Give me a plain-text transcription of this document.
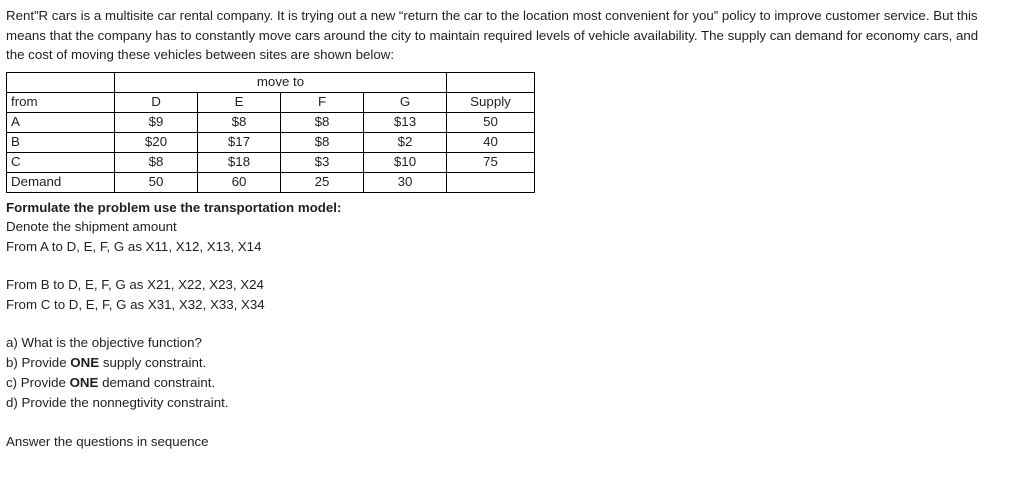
Rent”R cars is a multisite car rental company. It is trying out a new “return the car to the location most convenient for you” policy to improve customer service. But this means that the company has to constantly move cars around the city to maintain required levels of vehicle availability. The supply can demand for economy cars, and the cost of moving these vehicles between sites are shown below:

	move to				
from	D	E	F	G	Supply
A	$9	$8	$8	$13	50
B	$20	$17	$8	$2	40
C	$8	$18	$3	$10	75
Demand	50	60	25	30	

Formulate the problem use the transportation model:

Denote the shipment amount

From A to D, E, F, G as X11, X12, X13, X14

From B to D, E, F, G as X21, X22, X23, X24

From C to D, E, F, G as X31, X32, X33, X34

a) What is the objective function?

b) Provide ONE supply constraint.

c) Provide ONE demand constraint.

d) Provide the nonnegtivity constraint.

Answer the questions in sequence
